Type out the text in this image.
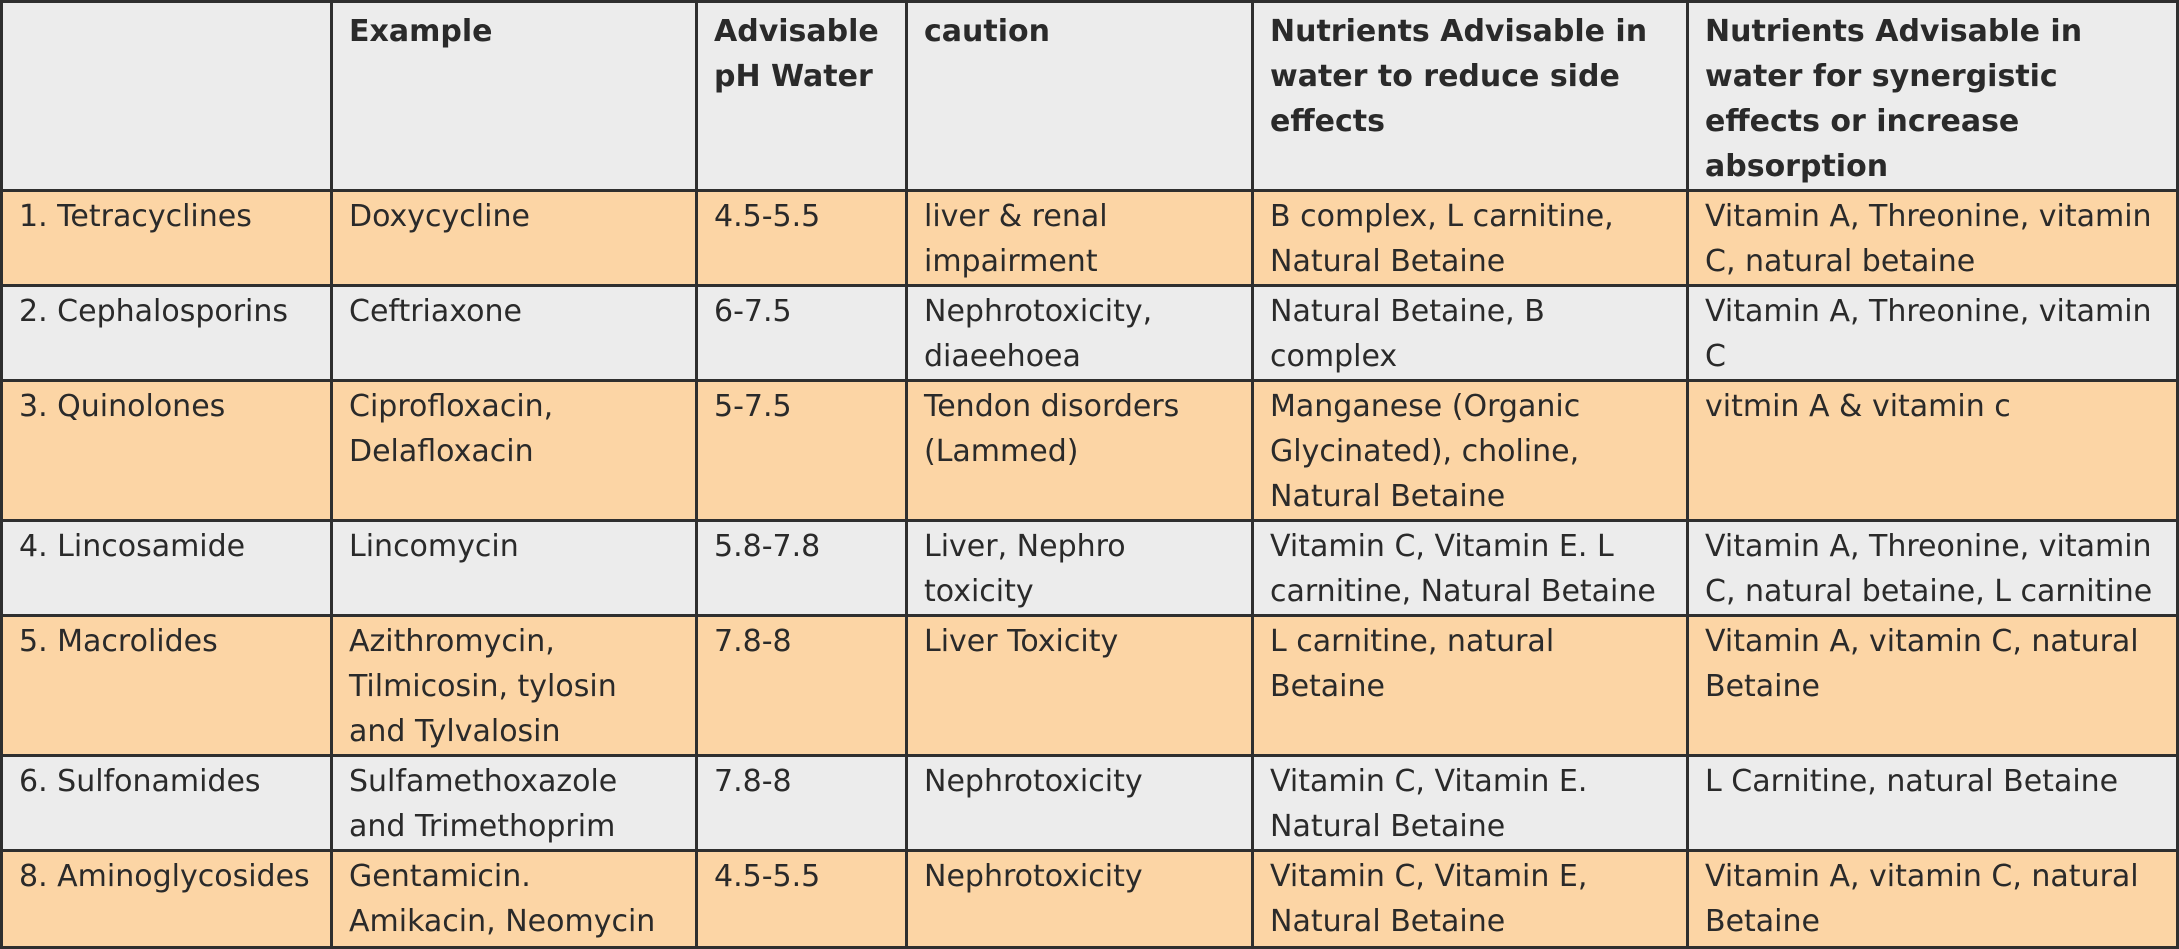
	Example	Advisable pH Water	caution	Nutrients Advisable in water to reduce side effects	Nutrients Advisable in water for synergistic effects or increase absorption
1. Tetracyclines	Doxycycline	4.5-5.5	liver & renal impairment	B complex, L carnitine, Natural Betaine	Vitamin A, Threonine, vitamin C, natural betaine
2. Cephalosporins	Ceftriaxone	6-7.5	Nephrotoxicity, diaeehoea	Natural Betaine, B complex	Vitamin A, Threonine, vitamin C
3. Quinolones	Ciprofloxacin, Delafloxacin	5-7.5	Tendon disorders (Lammed)	Manganese (Organic Glycinated), choline, Natural Betaine	vitmin A & vitamin c
4. Lincosamide	Lincomycin	5.8-7.8	Liver, Nephro toxicity	Vitamin C, Vitamin E. L carnitine, Natural Betaine	Vitamin A, Threonine, vitamin C, natural betaine, L carnitine
5. Macrolides	Azithromycin, Tilmicosin, tylosin and Tylvalosin	7.8-8	Liver Toxicity	L carnitine, natural Betaine	Vitamin A, vitamin C, natural Betaine
6. Sulfonamides	Sulfamethoxazole and Trimethoprim	7.8-8	Nephrotoxicity	Vitamin C, Vitamin E. Natural Betaine	L Carnitine, natural Betaine
8. Aminoglycosides	Gentamicin. Amikacin, Neomycin	4.5-5.5	Nephrotoxicity	Vitamin C, Vitamin E, Natural Betaine	Vitamin A, vitamin C, natural Betaine
